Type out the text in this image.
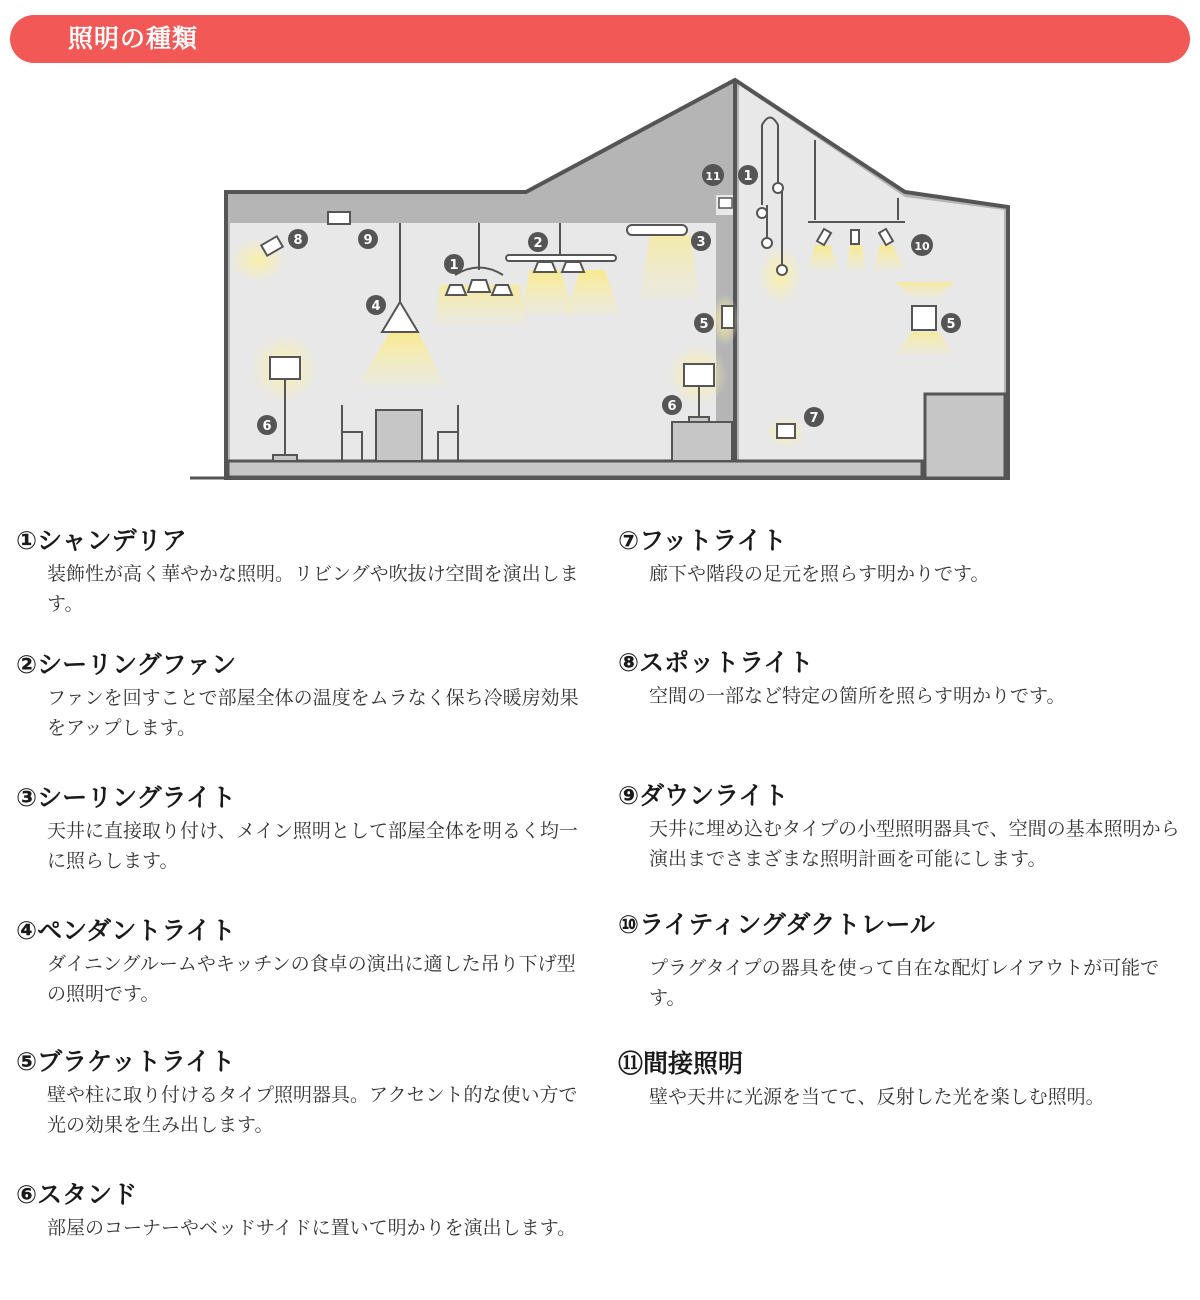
照明の種類
1
2	3
4
5
6
6
7
8	9	10
11 1
5
①シャンデリア
装飾性が高く華やかな照明。リビングや吹抜け空間を演出します。
②シーリングファン
ファンを回すことで部屋全体の温度をムラなく保ち冷暖房効果をアップします。
③シーリングライト
天井に直接取り付け、メイン照明として部屋全体を明るく均一に照らします。
④ペンダントライト
ダイニングルームやキッチンの食卓の演出に適した吊り下げ型の照明です。
⑤ブラケットライト
壁や柱に取り付けるタイプ照明器具。アクセント的な使い方で光の効果を生み出します。
⑥スタンド
部屋のコーナーやベッドサイドに置いて明かりを演出します。
⑦フットライト
廊下や階段の足元を照らす明かりです。
⑧スポットライト
空間の一部など特定の箇所を照らす明かりです。
⑨ダウンライト
天井に埋め込むタイプの小型照明器具で、空間の基本照明から演出までさまざまな照明計画を可能にします。
⑩ライティングダクトレール
プラグタイプの器具を使って自在な配灯レイアウトが可能です。
⑪間接照明
壁や天井に光源を当てて、反射した光を楽しむ照明。
